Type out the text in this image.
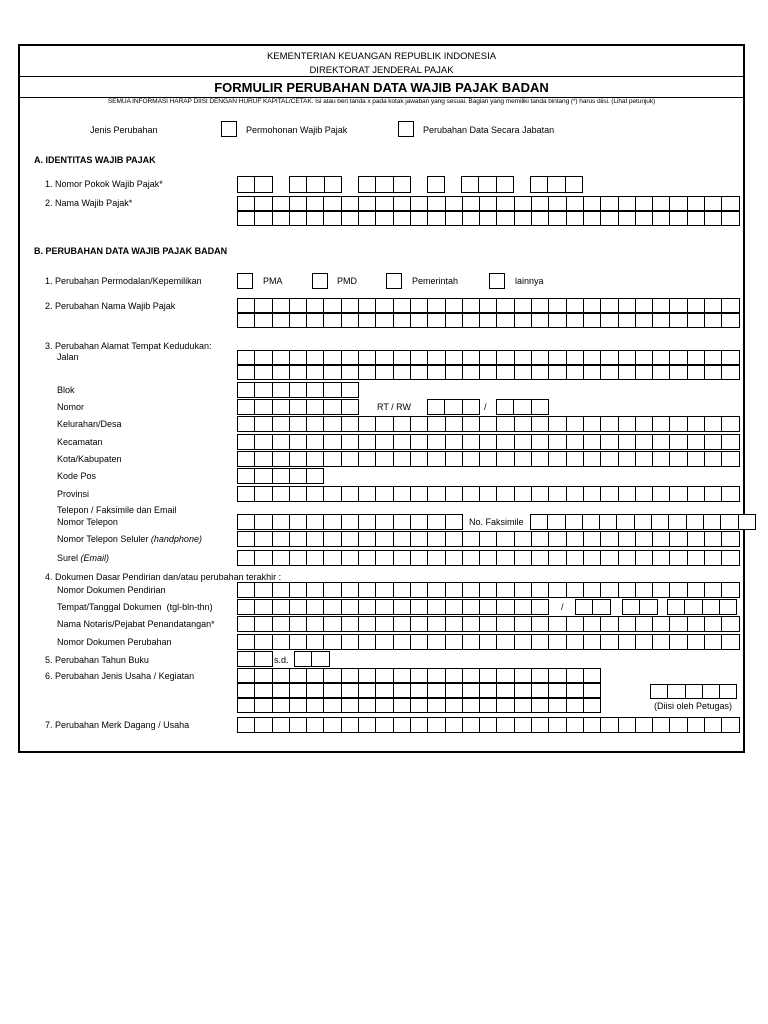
KEMENTERIAN KEUANGAN REPUBLIK INDONESIA
DIREKTORAT JENDERAL PAJAK
FORMULIR PERUBAHAN DATA WAJIB PAJAK BADAN
SEMUA INFORMASI HARAP DIISI DENGAN HURUF KAPITAL/CETAK. Isi atau beri tanda x pada kotak jawaban yang sesuai. Bagian yang memiliki tanda bintang (*) harus diisi. (Lihat petunjuk)
Jenis Perubahan	Permohonan Wajib Pajak	Perubahan Data Secara Jabatan
A. IDENTITAS WAJIB PAJAK
1. Nomor Pokok Wajib Pajak*
2. Nama Wajib Pajak*
B. PERUBAHAN DATA WAJIB PAJAK BADAN
1. Perubahan Permodalan/Kepemilikan	PMA	PMD	Pemerintah	lainnya
2. Perubahan Nama Wajib Pajak
3. Perubahan Alamat Tempat Kedudukan:
Jalan
Blok
Nomor	RT / RW	/
Kelurahan/Desa
Kecamatan
Kota/Kabupaten
Kode Pos
Provinsi
Telepon / Faksimile dan Email
Nomor Telepon	No. Faksimile
Nomor Telepon Seluler (handphone)
Surel (Email)
4. Dokumen Dasar Pendirian dan/atau perubahan terakhir :
Nomor Dokumen Pendirian
Tempat/Tanggal Dokumen (tgl-bln-thn)	/
Nama Notaris/Pejabat Penandatangan*
Nomor Dokumen Perubahan
5. Perubahan Tahun Buku	s.d.
6. Perubahan Jenis Usaha / Kegiatan
(Diisi oleh Petugas)
7. Perubahan Merk Dagang / Usaha
